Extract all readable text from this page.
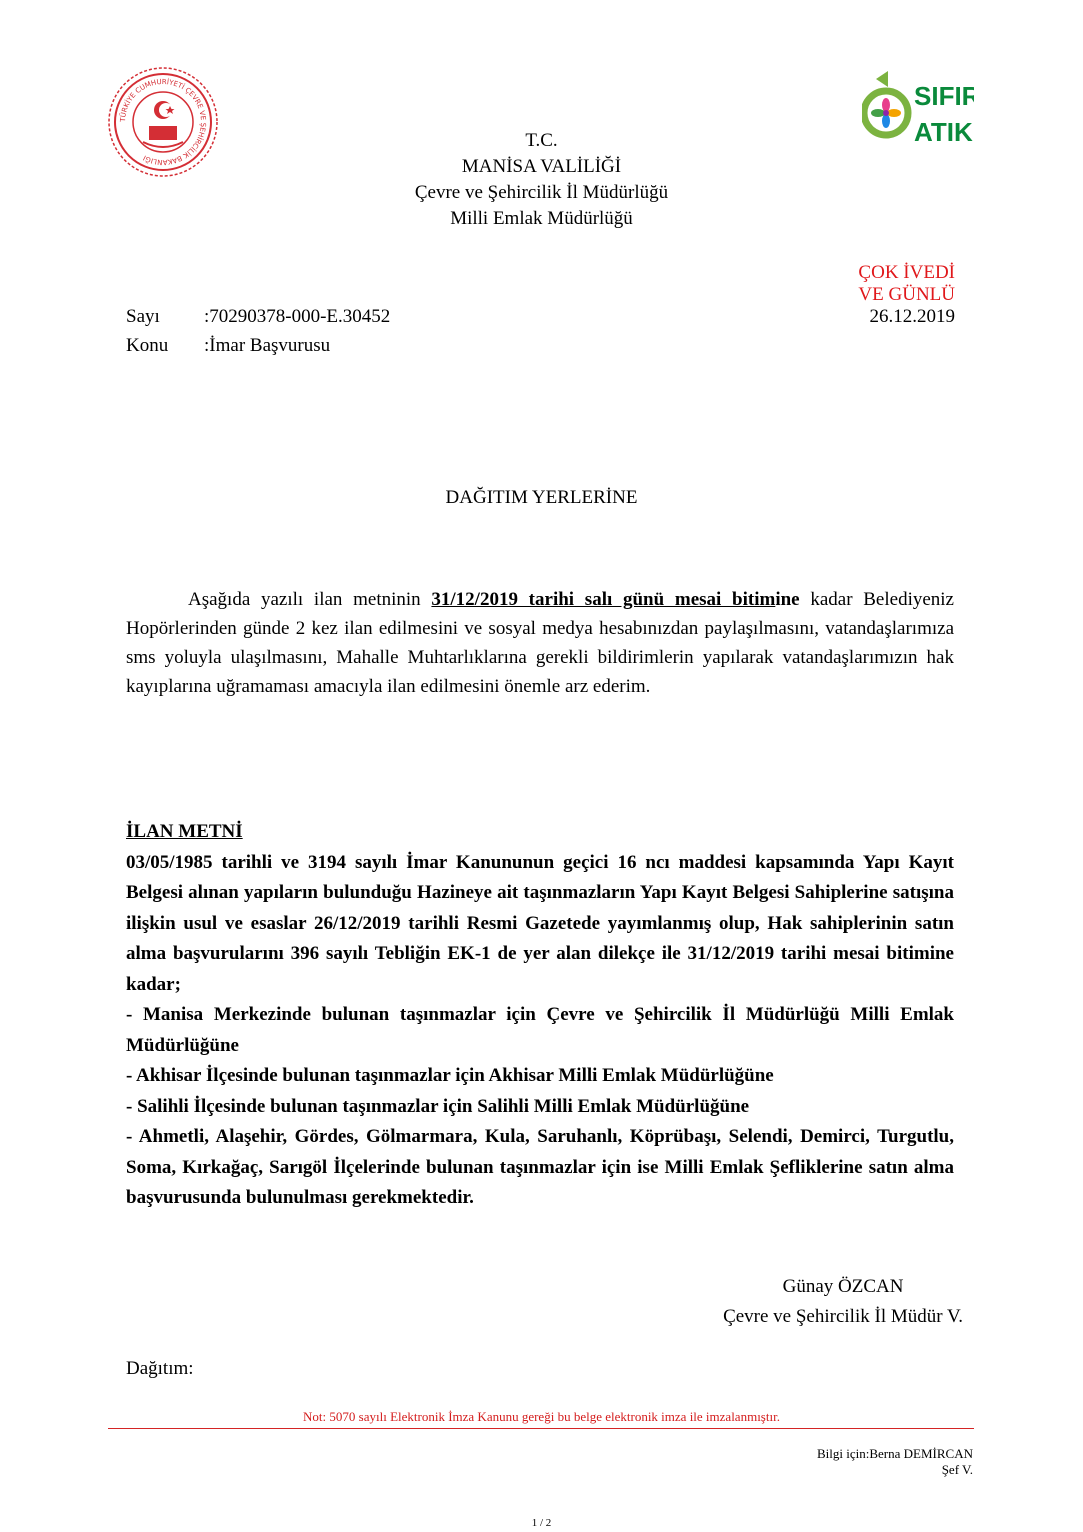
TÜRKİYE CUMHURİYETİ ÇEVRE VE ŞEHİRCİLİK BAKANLIĞI
SIFIR
ATIK
T.C.
MANİSA VALİLİĞİ
Çevre ve Şehircilik İl Müdürlüğü
Milli Emlak Müdürlüğü
ÇOK İVEDİ
VE GÜNLÜ
Sayı :70290378-000-E.30452
Konu :İmar Başvurusu
26.12.2019
DAĞITIM YERLERİNE
Aşağıda yazılı ilan metninin 31/12/2019 tarihi salı günü mesai bitimine kadar Belediyeniz Hopörlerinden günde 2 kez ilan edilmesini ve sosyal medya hesabınızdan paylaşılmasını, vatandaşlarımıza sms yoluyla ulaşılmasını, Mahalle Muhtarlıklarına gerekli bildirimlerin yapılarak vatandaşlarımızın hak kayıplarına uğramaması amacıyla ilan edilmesini önemle arz ederim.

İLAN METNİ

03/05/1985 tarihli ve 3194 sayılı İmar Kanununun geçici 16 ncı maddesi kapsamında Yapı Kayıt Belgesi alınan yapıların bulunduğu Hazineye ait taşınmazların Yapı Kayıt Belgesi Sahiplerine satışına ilişkin usul ve esaslar 26/12/2019 tarihli Resmi Gazetede yayımlanmış olup, Hak sahiplerinin satın alma başvurularını 396 sayılı Tebliğin EK-1 de yer alan dilekçe ile 31/12/2019 tarihi mesai bitimine kadar;

- Manisa Merkezinde bulunan taşınmazlar için Çevre ve Şehircilik İl Müdürlüğü Milli Emlak Müdürlüğüne

- Akhisar İlçesinde bulunan taşınmazlar için Akhisar Milli Emlak Müdürlüğüne

- Salihli İlçesinde bulunan taşınmazlar için Salihli Milli Emlak Müdürlüğüne

- Ahmetli, Alaşehir, Gördes, Gölmarmara, Kula, Saruhanlı, Köprübaşı, Selendi, Demirci, Turgutlu, Soma, Kırkağaç, Sarıgöl İlçelerinde bulunan taşınmazlar için ise Milli Emlak Şefliklerine satın alma başvurusunda bulunulması gerekmektedir.

Günay ÖZCAN
Çevre ve Şehircilik İl Müdür V.
Dağıtım:
Not: 5070 sayılı Elektronik İmza Kanunu gereği bu belge elektronik imza ile imzalanmıştır.
Bilgi için:Berna DEMİRCAN
Şef V.
1 / 2
